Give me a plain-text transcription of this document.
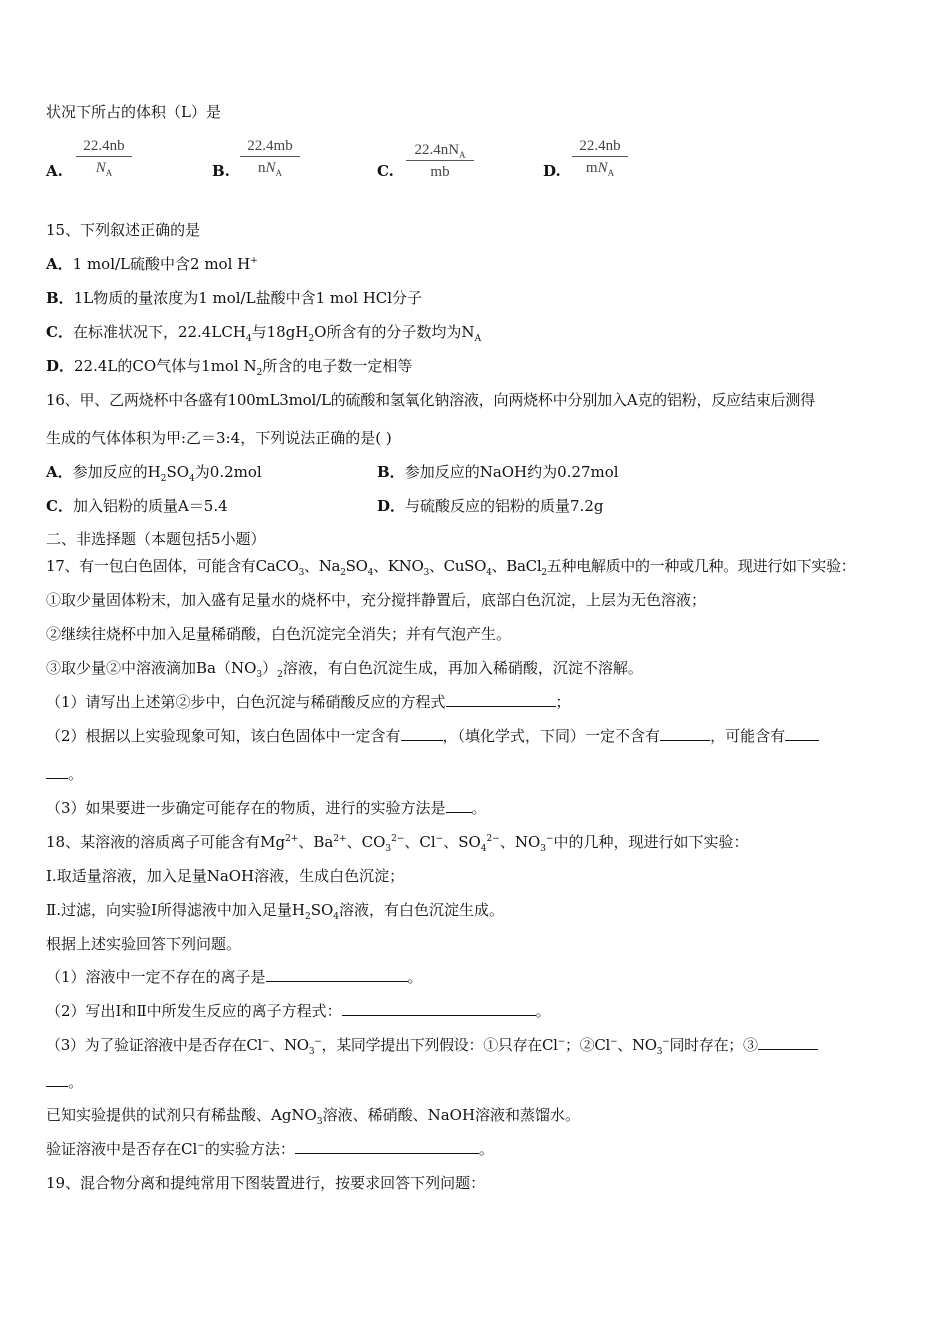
状况下所占的体积（L）是
A. $\frac{22.4nb}{N_A}$	B.
22.4mb
$nN_A$	C.
$22.4nN_A$
mb	D.
22.4nb
$mN_A$
15、下列叙述正确的是
A．1 mol/L硫酸中含2 mol H+
B．1L物质的量浓度为1 mol/L盐酸中含1 mol HCl分子
C．在标准状况下，$22.4LCH_4$与$18gH_2O$所含有的分子数均为$N_A$
D．22.4L的CO气体与1mol $N_2$所含的电子数一定相等
16、甲、乙两烧杯中各盛有100mL3mol/L的硫酸和氢氧化钠溶液，向两烧杯中分别加入A克的铝粉，反应结束后测得
生成的气体体积为甲:乙＝3:4，下列说法正确的是( )
A．参加反应的$H_2SO_4$为0.2mol	B．参加反应的NaOH约为0.27mol
C．加入铝粉的质量A＝5.4	D．与硫酸反应的铝粉的质量7.2g
二、非选择题（本题包括5小题）
17、有一包白色固体，可能含有CaCO$_3$、$Na_2SO_4$、$KNO_3$、CuSO$_4$、BaCl$_2$五种电解质中的一种或几种。现进行如下实验：
①取少量固体粉末，加入盛有足量水的烧杯中，充分搅拌静置后，底部白色沉淀，上层为无色溶液；
②继续往烧杯中加入足量稀硝酸，白色沉淀完全消失；并有气泡产生。
③取少量②中溶液滴加$Ba(NO_3)_2$溶液，有白色沉淀生成，再加入稀硝酸，沉淀不溶解。
（1）请写出上述第②步中，白色沉淀与稀硝酸反应的方程式	；
（2）根据以上实验现象可知，该白色固体中一定含有	，（填化学式，下同）一定不含有	，可能含有
。
（3）如果要进一步确定可能存在的物质，进行的实验方法是 。
18、某溶液的溶质离子可能含有$Mg^{2+}$、$Ba^{2+}$、$CO_3^{2-}$、Cl−、$SO_4^{2-}$、$NO_3^-$中的几种，现进行如下实验：
Ⅰ.取适量溶液，加入足量NaOH溶液，生成白色沉淀；
Ⅱ.过滤，向实验Ⅰ所得滤液中加入足量$H_2SO_4$溶液，有白色沉淀生成。
根据上述实验回答下列问题。
（1）溶液中一定不存在的离子是	。
（2）写出Ⅰ和Ⅱ中所发生反应的离子方程式：	。
（3）为了验证溶液中是否存在Cl−、$NO_3^-$，某同学提出下列假设：①只存在Cl−；②Cl−、$NO_3^-$同时存在；③
。
已知实验提供的试剂只有稀盐酸、AgNO$_3$溶液、稀硝酸、NaOH溶液和蒸馏水。
验证溶液中是否存在Cl−的实验方法：	。
19、混合物分离和提纯常用下图装置进行，按要求回答下列问题：
